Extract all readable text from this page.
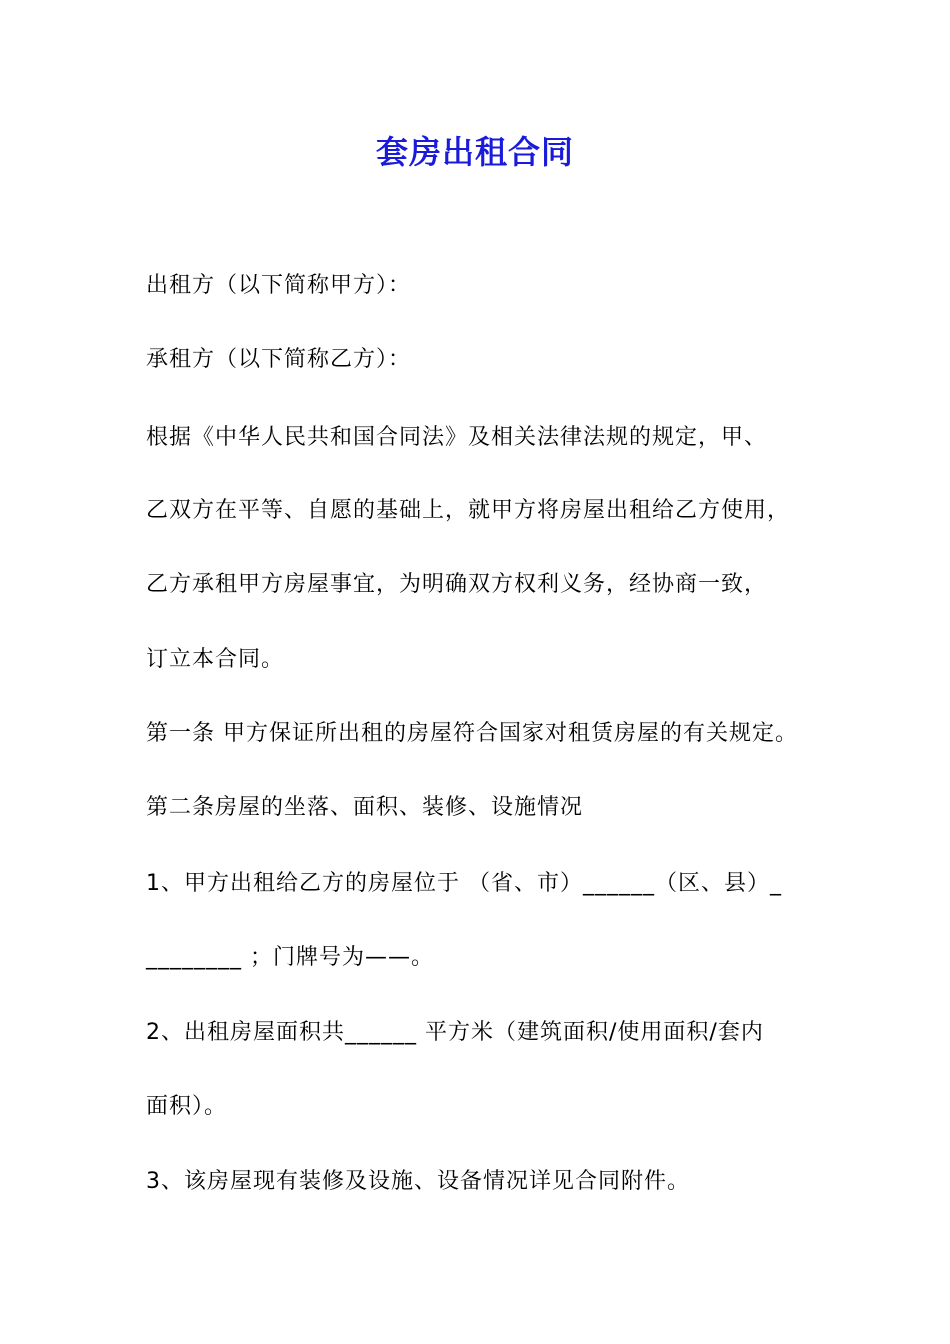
套房出租合同
出租方（以下简称甲方）：
承租方（以下简称乙方）：
根据《中华人民共和国合同法》及相关法律法规的规定，甲、
乙双方在平等、自愿的基础上，就甲方将房屋出租给乙方使用，
乙方承租甲方房屋事宜，为明确双方权利义务，经协商一致，
订立本合同。
第一条 甲方保证所出租的房屋符合国家对租赁房屋的有关规定。
第二条房屋的坐落、面积、装修、设施情况
1、甲方出租给乙方的房屋位于 （省、市）______（区、县）_
________ ；门牌号为——。
2、出租房屋面积共______ 平方米（建筑面积/使用面积/套内
面积）。
3、该房屋现有装修及设施、设备情况详见合同附件。
